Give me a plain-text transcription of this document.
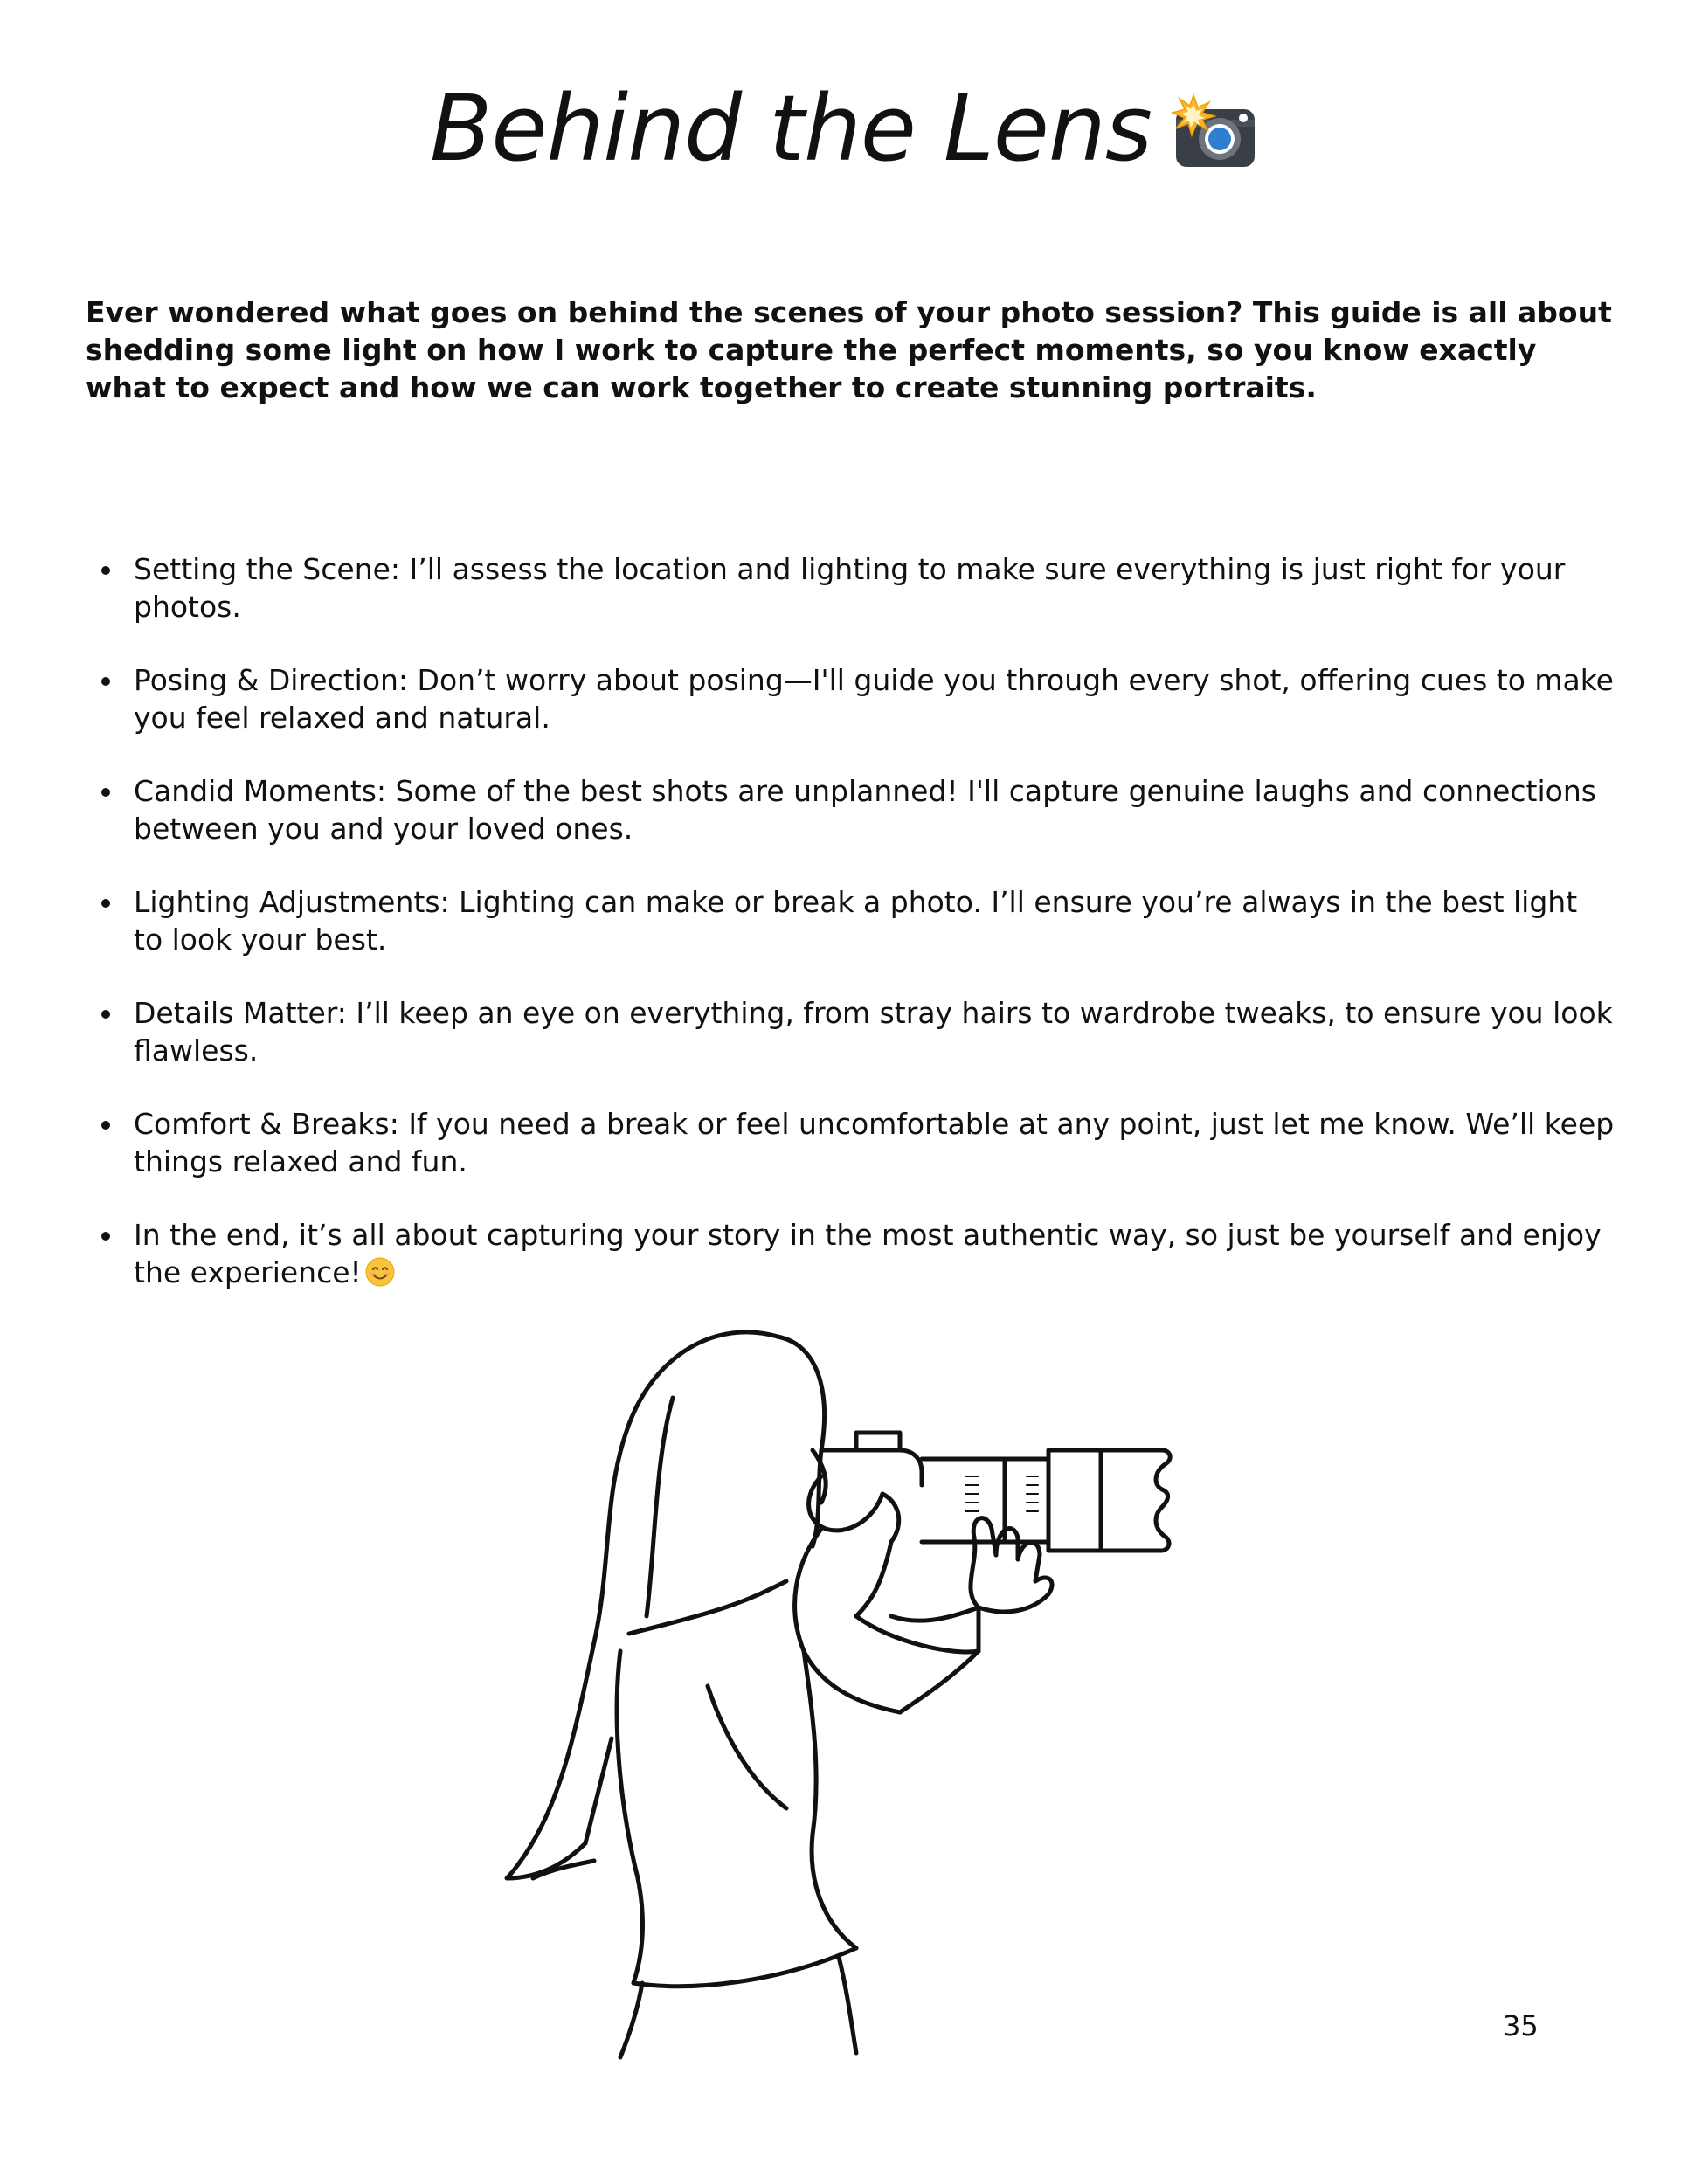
Behind the Lens

Ever wondered what goes on behind the scenes of your photo session? This guide is all about shedding some light on how I work to capture the perfect moments, so you know exactly what to expect and how we can work together to create stunning portraits.

Setting the Scene: I’ll assess the location and lighting to make sure everything is just right for your photos.
Posing & Direction: Don’t worry about posing—I'll guide you through every shot, offering cues to make you feel relaxed and natural.
Candid Moments: Some of the best shots are unplanned! I'll capture genuine laughs and connections between you and your loved ones.
Lighting Adjustments: Lighting can make or break a photo. I’ll ensure you’re always in the best light to look your best.
Details Matter: I’ll keep an eye on everything, from stray hairs to wardrobe tweaks, to ensure you look flawless.
Comfort & Breaks: If you need a break or feel uncomfortable at any point, just let me know. We’ll keep things relaxed and fun.
In the end, it’s all about capturing your story in the most authentic way, so just be yourself and enjoy the experience!
35
